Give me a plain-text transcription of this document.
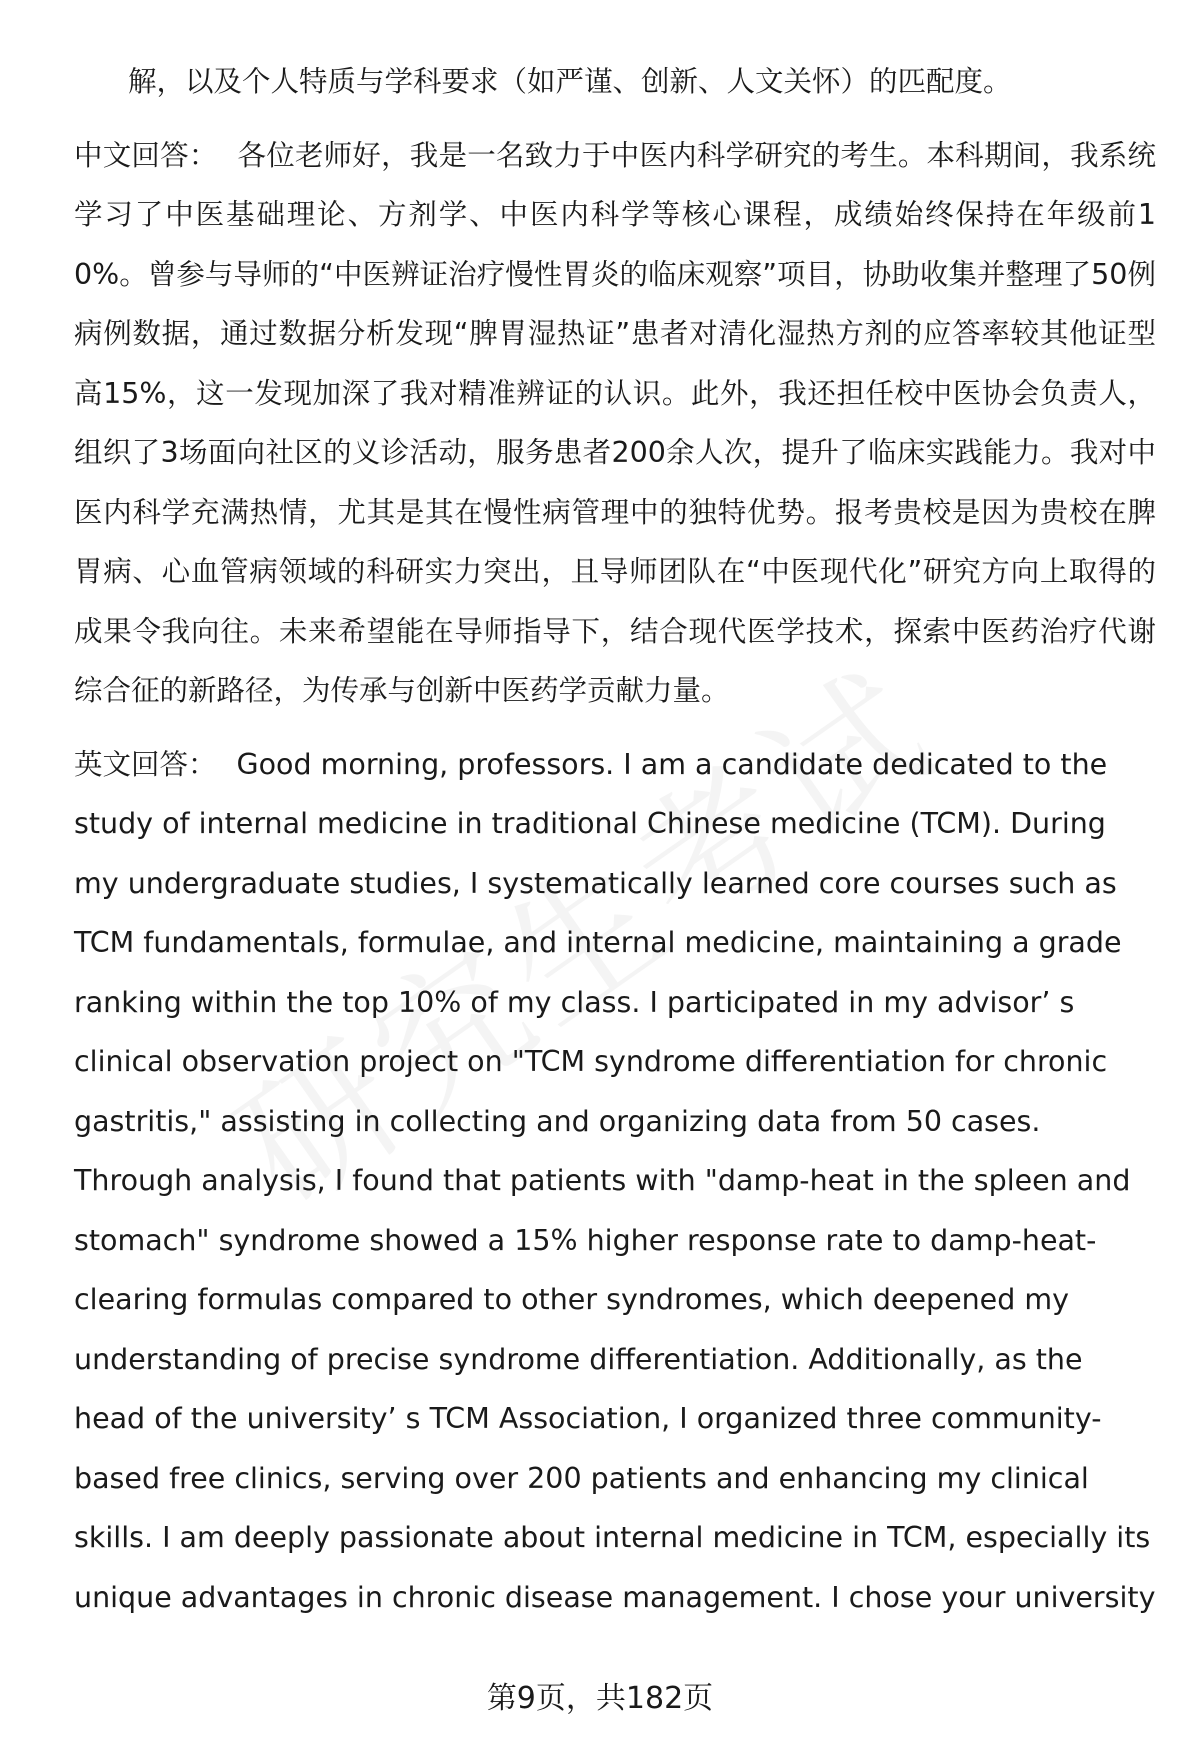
解，以及个人特质与学科要求（如严谨、创新、人文关怀）的匹配度。

中文回答： 各位老师好，我是一名致力于中医内科学研究的考生。本科期间，我系统学习了中医基础理论、方剂学、中医内科学等核心课程，成绩始终保持在年级前10%。曾参与导师的“中医辨证治疗慢性胃炎的临床观察”项目，协助收集并整理了50例病例数据，通过数据分析发现“脾胃湿热证”患者对清化湿热方剂的应答率较其他证型高15%，这一发现加深了我对精准辨证的认识。此外，我还担任校中医协会负责人，组织了3场面向社区的义诊活动，服务患者200余人次，提升了临床实践能力。我对中医内科学充满热情，尤其是其在慢性病管理中的独特优势。报考贵校是因为贵校在脾胃病、心血管病领域的科研实力突出，且导师团队在“中医现代化”研究方向上取得的成果令我向往。未来希望能在导师指导下，结合现代医学技术，探索中医药治疗代谢综合征的新路径，为传承与创新中医药学贡献力量。

英文回答： Good morning, professors. I am a candidate dedicated to the study of internal medicine in traditional Chinese medicine (TCM). During my undergraduate studies, I systematically learned core courses such as TCM fundamentals, formulae, and internal medicine, maintaining a grade ranking within the top 10% of my class. I participated in my advisor’ s clinical observation project on "TCM syndrome differentiation for chronic gastritis," assisting in collecting and organizing data from 50 cases. Through analysis, I found that patients with "damp-heat in the spleen and stomach" syndrome showed a 15% higher response rate to damp-heat-clearing formulas compared to other syndromes, which deepened my understanding of precise syndrome differentiation. Additionally, as the head of the university’ s TCM Association, I organized three community-based free clinics, serving over 200 patients and enhancing my clinical skills. I am deeply passionate about internal medicine in TCM, especially its unique advantages in chronic disease management. I chose your university

第9页，共182页
